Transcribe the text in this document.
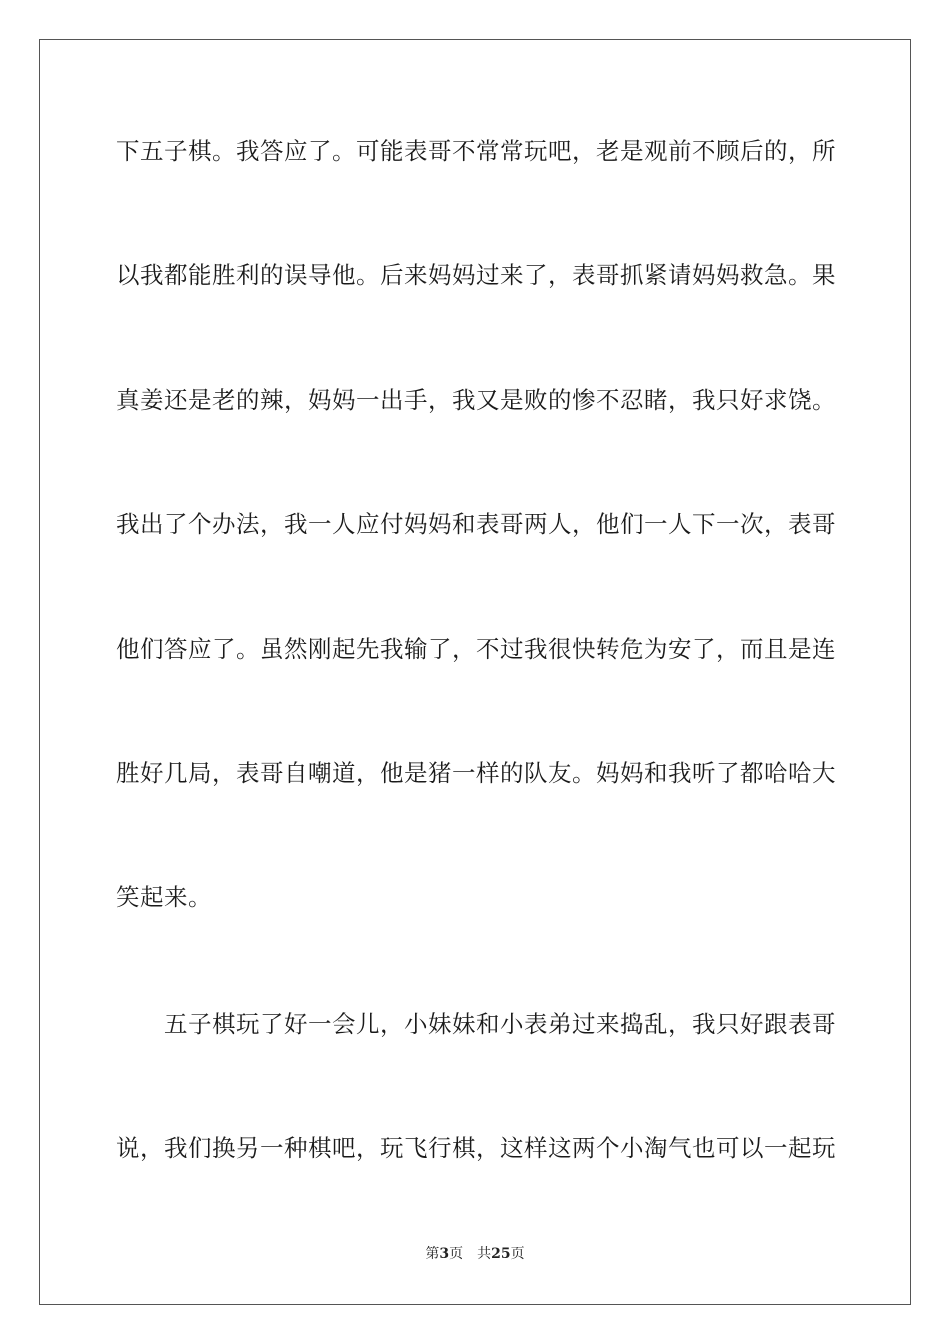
下五子棋。我答应了。可能表哥不常常玩吧，老是观前不顾后的，所
以我都能胜利的误导他。后来妈妈过来了，表哥抓紧请妈妈救急。果
真姜还是老的辣，妈妈一出手，我又是败的惨不忍睹，我只好求饶。
我出了个办法，我一人应付妈妈和表哥两人，他们一人下一次，表哥
他们答应了。虽然刚起先我输了，不过我很快转危为安了，而且是连
胜好几局，表哥自嘲道，他是猪一样的队友。妈妈和我听了都哈哈大
笑起来。
五子棋玩了好一会儿，小妹妹和小表弟过来捣乱，我只好跟表哥
说，我们换另一种棋吧，玩飞行棋，这样这两个小淘气也可以一起玩
第3页 共25页
